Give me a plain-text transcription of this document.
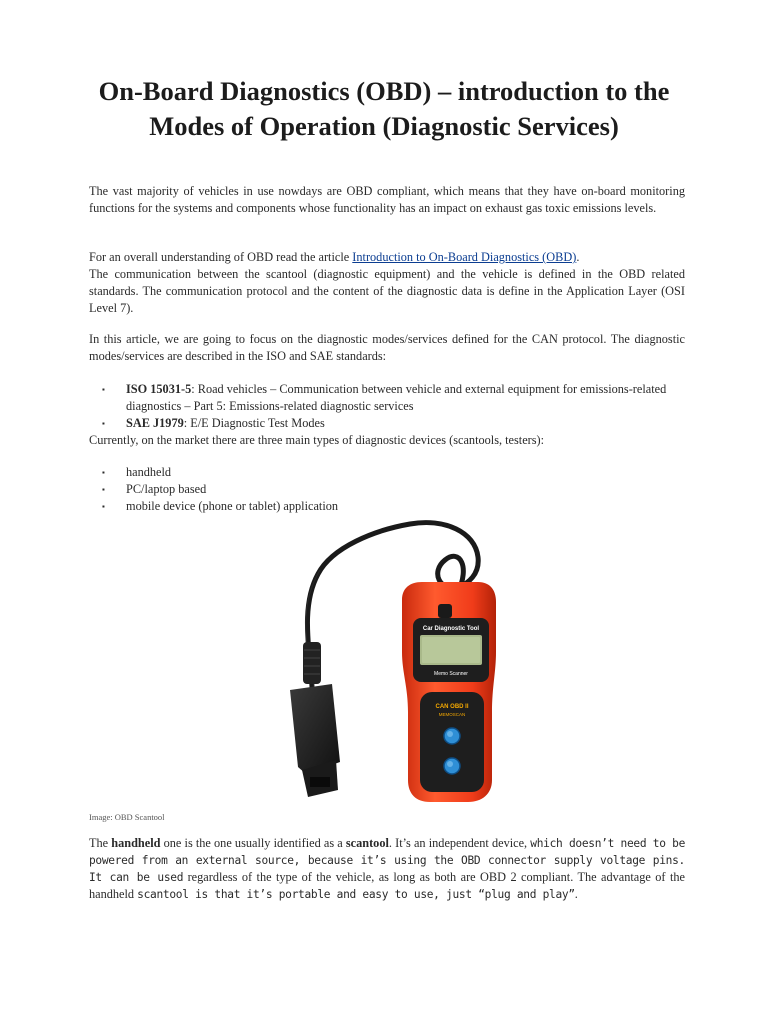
On-Board Diagnostics (OBD) – introduction to the Modes of Operation (Diagnostic Services)

The vast majority of vehicles in use nowdays are OBD compliant, which means that they have on-board monitoring functions for the systems and components whose functionality has an impact on exhaust gas toxic emissions levels.

For an overall understanding of OBD read the article Introduction to On-Board Diagnostics (OBD).
The communication between the scantool (diagnostic equipment) and the vehicle is defined in the OBD related standards. The communication protocol and the content of the diagnostic data is define in the Application Layer (OSI Level 7).

In this article, we are going to focus on the diagnostic modes/services defined for the CAN protocol. The diagnostic modes/services are described in the ISO and SAE standards:

▪ ISO 15031-5: Road vehicles – Communication between vehicle and external equipment for emissions-related diagnostics – Part 5: Emissions-related diagnostic services
▪ SAE J1979: E/E Diagnostic Test Modes

Currently, on the market there are three main types of diagnostic devices (scantools, testers):

▪ handheld
▪ PC/laptop based
▪ mobile device (phone or tablet) application
Car Diagnostic Tool
Memo Scanner
CAN OBD II
MEMOSCAN

Image: OBD Scantool

The handheld one is the one usually identified as a scantool. It’s an independent device, which doesn’t need to be powered from an external source, because it’s using the OBD connector supply voltage pins. It can be used regardless of the type of the vehicle, as long as both are OBD 2 compliant. The advantage of the handheld scantool is that it’s portable and easy to use, just “plug and play”.
